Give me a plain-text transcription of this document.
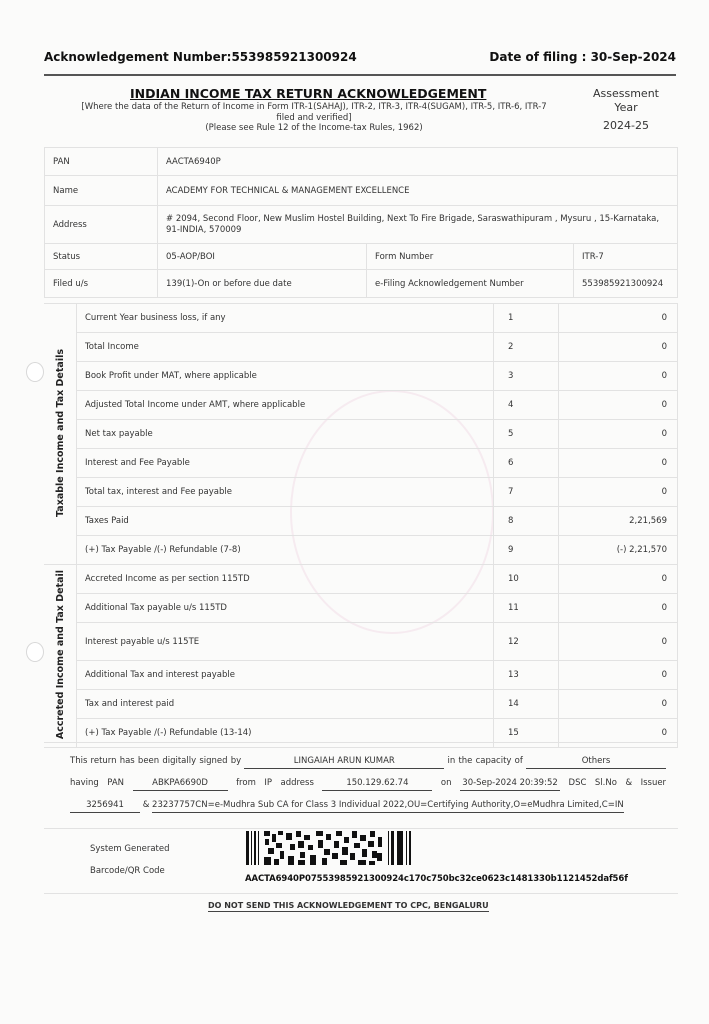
Acknowledgement Number:553985921300924	Date of filing : 30-Sep-2024
INDIAN INCOME TAX RETURN ACKNOWLEDGEMENT
[Where the data of the Return of Income in Form ITR-1(SAHAJ), ITR-2, ITR-3, ITR-4(SUGAM), ITR-5, ITR-6, ITR-7
filed and verified]
(Please see Rule 12 of the Income-tax Rules, 1962)
Assessment Year
2024-25
PAN	AACTA6940P		
Name	ACADEMY FOR TECHNICAL & MANAGEMENT EXCELLENCE		
Address	# 2094, Second Floor, New Muslim Hostel Building, Next To Fire Brigade, Saraswathipuram , Mysuru , 15-Karnataka, 91-INDIA, 570009		
Status	05-AOP/BOI	Form Number	ITR-7
Filed u/s	139(1)-On or before due date	e-Filing Acknowledgement Number	553985921300924
Taxable Income and Tax Details	Current Year business loss, if any	1	0
	Total Income	2	0
	Book Profit under MAT, where applicable	3	0
	Adjusted Total Income under AMT, where applicable	4	0
	Net tax payable	5	0
	Interest and Fee Payable	6	0
	Total tax, interest and Fee payable	7	0
	Taxes Paid	8	2,21,569
	(+) Tax Payable /(-) Refundable (7-8)	9	(-) 2,21,570
Accreted Income and Tax Detail	Accreted Income as per section 115TD	10	0
	Additional Tax payable u/s 115TD	11	0
	Interest payable u/s 115TE	12	0
	Additional Tax and interest payable	13	0
	Tax and interest paid	14	0
	(+) Tax Payable /(-) Refundable (13-14)	15	0
This return has been digitally signed by	LINGAIAH ARUN KUMAR	in the capacity of	Others having PAN	ABKPA6690D	from IP address	150.129.62.74	on 30-Sep-2024 20:39:52 DSC Sl.No & Issuer 3256941 & 23237757CN=e-Mudhra Sub CA for Class 3 Individual 2022,OU=Certifying Authority,O=eMudhra Limited,C=IN
System Generated
Barcode/QR Code
AACTA6940P07553985921300924c170c750bc32ce0623c1481330b1121452daf56f
DO NOT SEND THIS ACKNOWLEDGEMENT TO CPC, BENGALURU
